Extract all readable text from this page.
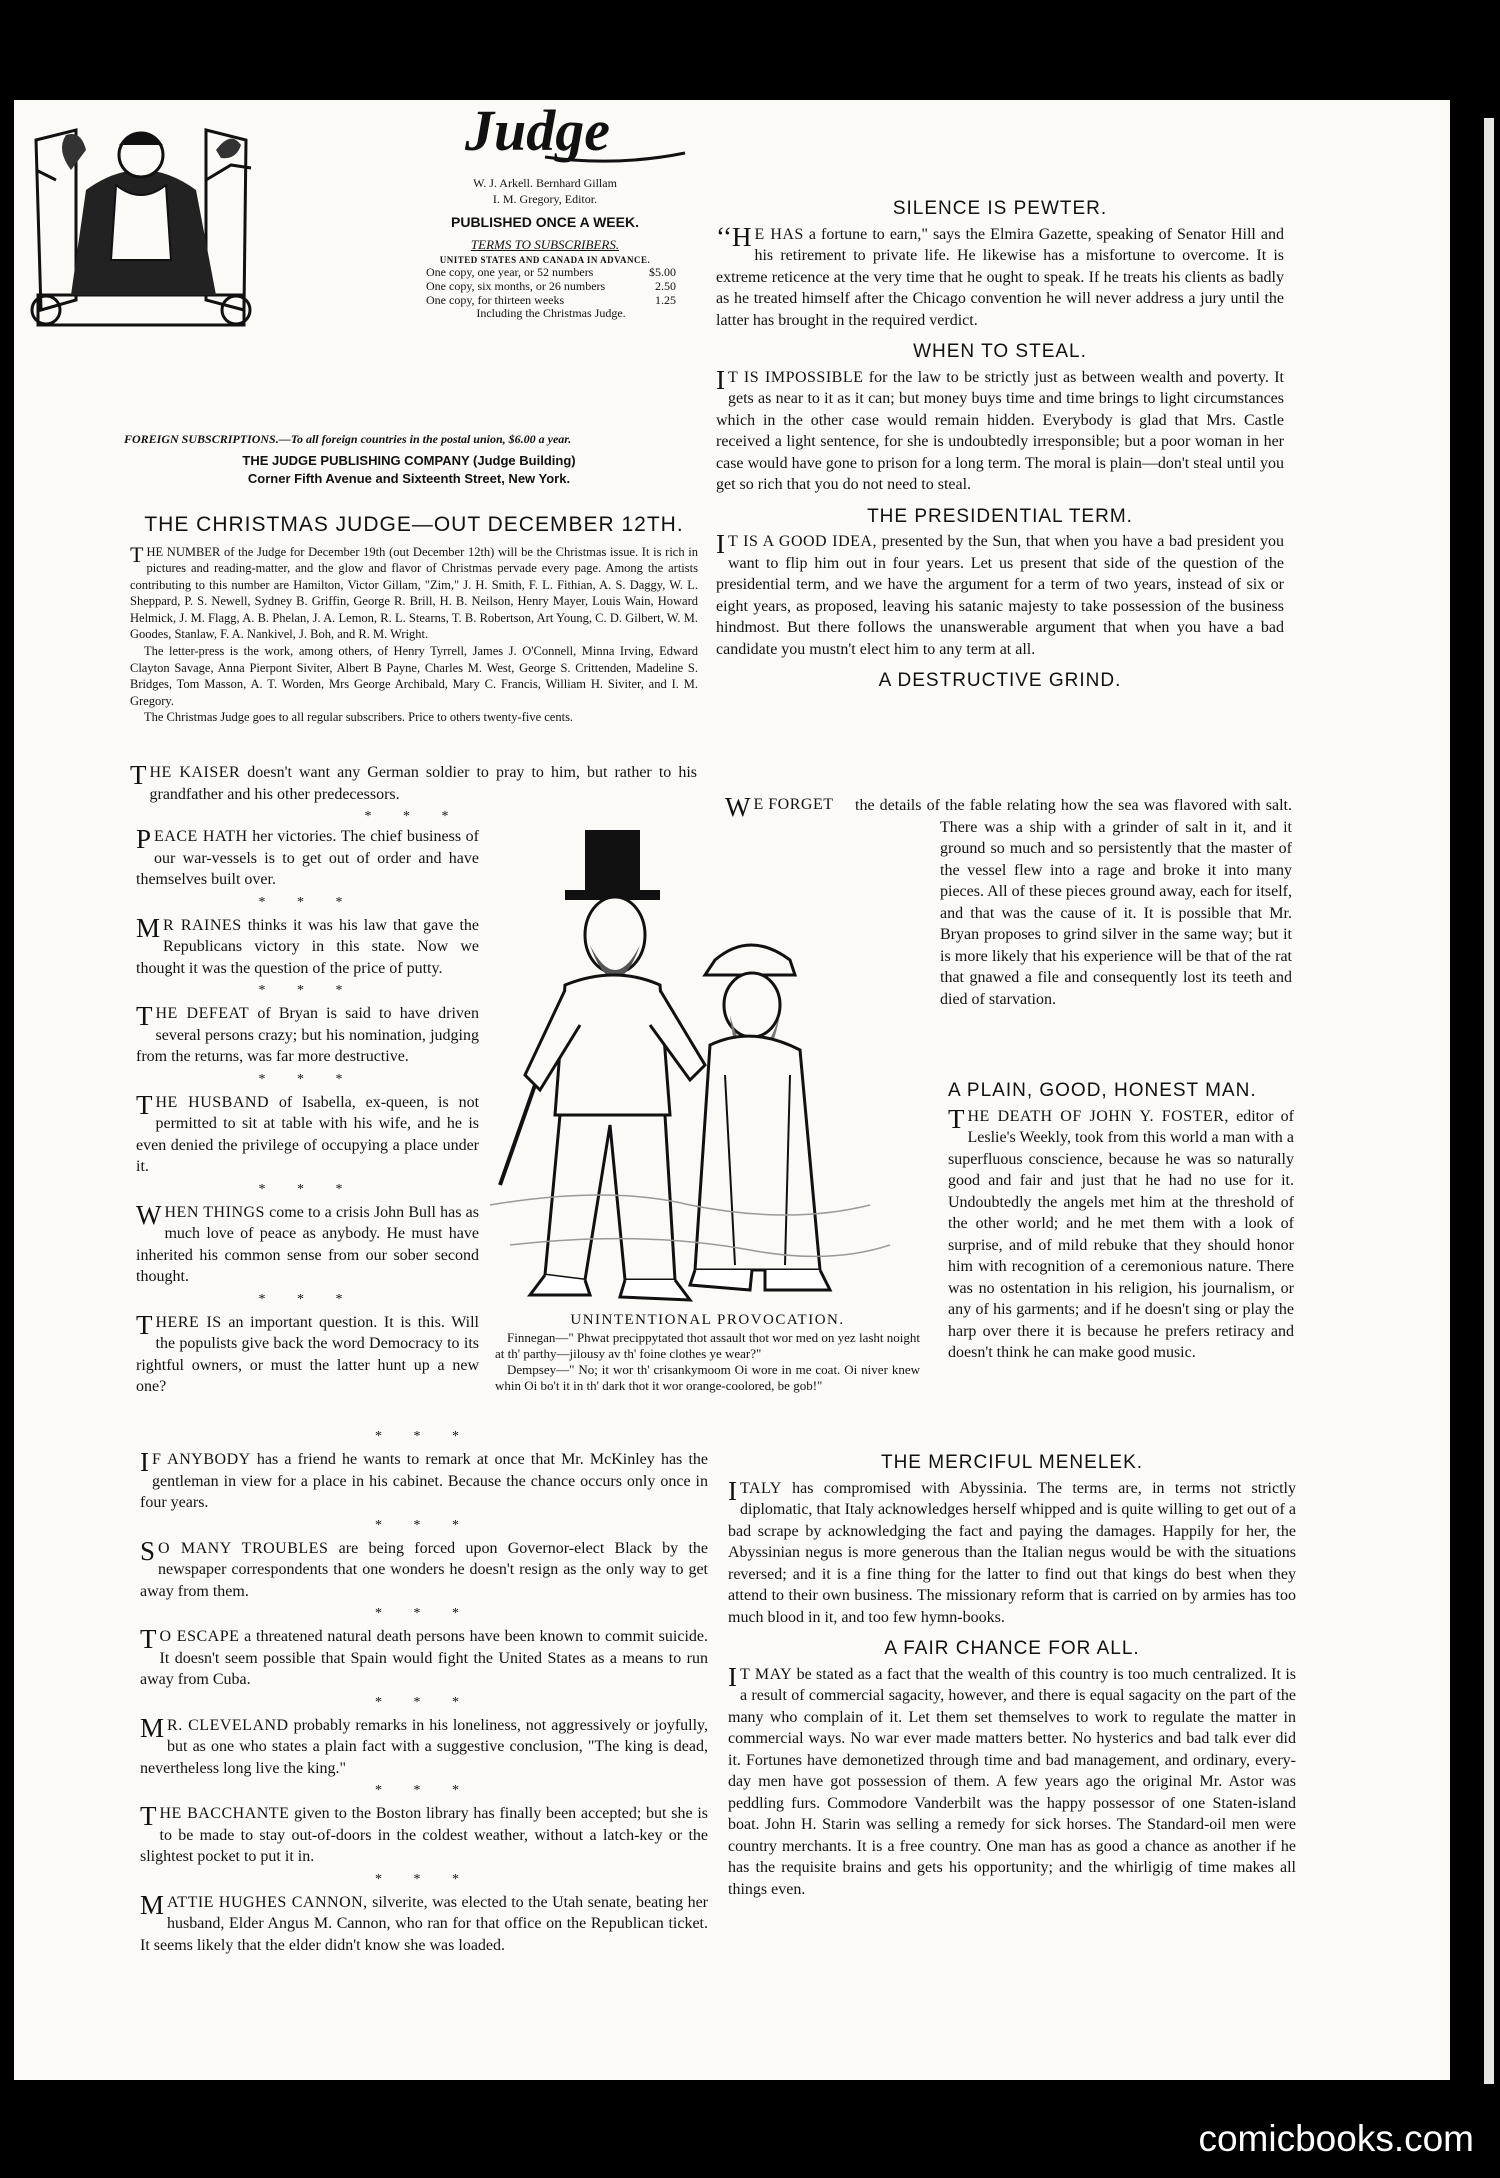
Judge
W. J. Arkell. Bernhard Gillam
I. M. Gregory, Editor.
PUBLISHED ONCE A WEEK.
TERMS TO SUBSCRIBERS.
UNITED STATES AND CANADA IN ADVANCE.
One copy, one year, or 52 numbers	$5.00
One copy, six months, or 26 numbers	2.50
One copy, for thirteen weeks	1.25
Including the Christmas Judge.
FOREIGN SUBSCRIPTIONS.—To all foreign countries in the postal union, $6.00 a year.
THE JUDGE PUBLISHING COMPANY (Judge Building)
Corner Fifth Avenue and Sixteenth Street, New York.
THE CHRISTMAS JUDGE—OUT DECEMBER 12TH.

THE NUMBER of the Judge for December 19th (out December 12th) will be the Christmas issue. It is rich in pictures and reading-matter, and the glow and flavor of Christmas pervade every page. Among the artists contributing to this number are Hamilton, Victor Gillam, "Zim," J. H. Smith, F. L. Fithian, A. S. Daggy, W. L. Sheppard, P. S. Newell, Sydney B. Griffin, George R. Brill, H. B. Neilson, Henry Mayer, Louis Wain, Howard Helmick, J. M. Flagg, A. B. Phelan, J. A. Lemon, R. L. Stearns, T. B. Robertson, Art Young, C. D. Gilbert, W. M. Goodes, Stanlaw, F. A. Nankivel, J. Boh, and R. M. Wright.

The letter-press is the work, among others, of Henry Tyrrell, James J. O'Connell, Minna Irving, Edward Clayton Savage, Anna Pierpont Siviter, Albert B Payne, Charles M. West, George S. Crittenden, Madeline S. Bridges, Tom Masson, A. T. Worden, Mrs George Archibald, Mary C. Francis, William H. Siviter, and I. M. Gregory.

The Christmas Judge goes to all regular subscribers. Price to others twenty-five cents.

THE KAISER doesn't want any German soldier to pray to him, but rather to his grandfather and his other predecessors.

* * *

PEACE HATH her victories. The chief business of our war-vessels is to get out of order and have themselves built over.

* * *

M R RAINES thinks it was his law that gave the Republicans victory in this state. Now we thought it was the question of the price of putty.

* * *

THE DEFEAT of Bryan is said to have driven several persons crazy; but his nomination, judging from the returns, was far more destructive.

* * *

THE HUSBAND of Isabella, ex-queen, is not permitted to sit at table with his wife, and he is even denied the privilege of occupying a place under it.

* * *

WHEN THINGS come to a crisis John Bull has as much love of peace as anybody. He must have inherited his common sense from our sober second thought.

* * *

THERE IS an important question. It is this. Will the populists give back the word Democracy to its rightful owners, or must the latter hunt up a new one?

UNINTENTIONAL PROVOCATION.
Finnegan—" Phwat precippytated thot assault thot wor med on yez lasht noight at th' parthy—jilousy av th' foine clothes ye wear?"
Dempsey—" No; it wor th' crisankymoom Oi wore in me coat. Oi niver knew whin Oi bo't it in th' dark thot it wor orange-coolored, be gob!"
* * *

I F ANYBODY has a friend he wants to remark at once that Mr. McKinley has the gentleman in view for a place in his cabinet. Because the chance occurs only once in four years.

* * *

S O MANY TROUBLES are being forced upon Governor-elect Black by the newspaper correspondents that one wonders he doesn't resign as the only way to get away from them.

* * *

T O ESCAPE a threatened natural death persons have been known to commit suicide. It doesn't seem possible that Spain would fight the United States as a means to run away from Cuba.

* * *

M R. CLEVELAND probably remarks in his loneliness, not aggressively or joyfully, but as one who states a plain fact with a suggestive conclusion, "The king is dead, nevertheless long live the king."

* * *

THE BACCHANTE given to the Boston library has finally been accepted; but she is to be made to stay out-of-doors in the coldest weather, without a latch-key or the slightest pocket to put it in.

* * *

MATTIE HUGHES CANNON, silverite, was elected to the Utah senate, beating her husband, Elder Angus M. Cannon, who ran for that office on the Republican ticket. It seems likely that the elder didn't know she was loaded.

SILENCE IS PEWTER.

‘‘H E HAS a fortune to earn," says the Elmira Gazette, speaking of Senator Hill and his retirement to private life. He likewise has a misfortune to overcome. It is extreme reticence at the very time that he ought to speak. If he treats his clients as badly as he treated himself after the Chicago convention he will never address a jury until the latter has brought in the required verdict.

WHEN TO STEAL.

I T IS IMPOSSIBLE for the law to be strictly just as between wealth and poverty. It gets as near to it as it can; but money buys time and time brings to light circumstances which in the other case would remain hidden. Everybody is glad that Mrs. Castle received a light sentence, for she is undoubtedly irresponsible; but a poor woman in her case would have gone to prison for a long term. The moral is plain—don't steal until you get so rich that you do not need to steal.

THE PRESIDENTIAL TERM.

I T IS A GOOD IDEA, presented by the Sun, that when you have a bad president you want to flip him out in four years. Let us present that side of the question of the presidential term, and we have the argument for a term of two years, instead of six or eight years, as proposed, leaving his satanic majesty to take possession of the business hindmost. But there follows the unanswerable argument that when you have a bad candidate you mustn't elect him to any term at all.

A DESTRUCTIVE GRIND.

W E FORGET	the details of the fable relating how the sea was flavored with salt. There was a ship with a grinder of salt in it, and it ground so much and so persistently that the master of the vessel flew into a rage and broke it into many pieces. All of these pieces ground away, each for itself, and that was the cause of it. It is possible that Mr. Bryan proposes to grind silver in the same way; but it is more likely that his experience will be that of the rat that gnawed a file and consequently lost its teeth and died of starvation.

A PLAIN, GOOD, HONEST MAN.

THE DEATH OF JOHN Y. FOSTER, editor of Leslie's Weekly, took from this world a man with a superfluous conscience, because he was so naturally good and fair and just that he had no use for it. Undoubtedly the angels met him at the threshold of the other world; and he met them with a look of surprise, and of mild rebuke that they should honor him with recognition of a ceremonious nature. There was no ostentation in his religion, his journalism, or any of his garments; and if he doesn't sing or play the harp over there it is because he prefers retiracy and doesn't think he can make good music.

THE MERCIFUL MENELEK.

ITALY has compromised with Abyssinia. The terms are, in terms not strictly diplomatic, that Italy acknowledges herself whipped and is quite willing to get out of a bad scrape by acknowledging the fact and paying the damages. Happily for her, the Abyssinian negus is more generous than the Italian negus would be with the situations reversed; and it is a fine thing for the latter to find out that kings do best when they attend to their own business. The missionary reform that is carried on by armies has too much blood in it, and too few hymn-books.

A FAIR CHANCE FOR ALL.

I T MAY be stated as a fact that the wealth of this country is too much centralized. It is a result of commercial sagacity, however, and there is equal sagacity on the part of the many who complain of it. Let them set themselves to work to regulate the matter in commercial ways. No war ever made matters better. No hysterics and bad talk ever did it. Fortunes have demonetized through time and bad management, and ordinary, every-day men have got possession of them. A few years ago the original Mr. Astor was peddling furs. Commodore Vanderbilt was the happy possessor of one Staten-island boat. John H. Starin was selling a remedy for sick horses. The Standard-oil men were country merchants. It is a free country. One man has as good a chance as another if he has the requisite brains and gets his opportunity; and the whirligig of time makes all things even.

comicbooks.com
